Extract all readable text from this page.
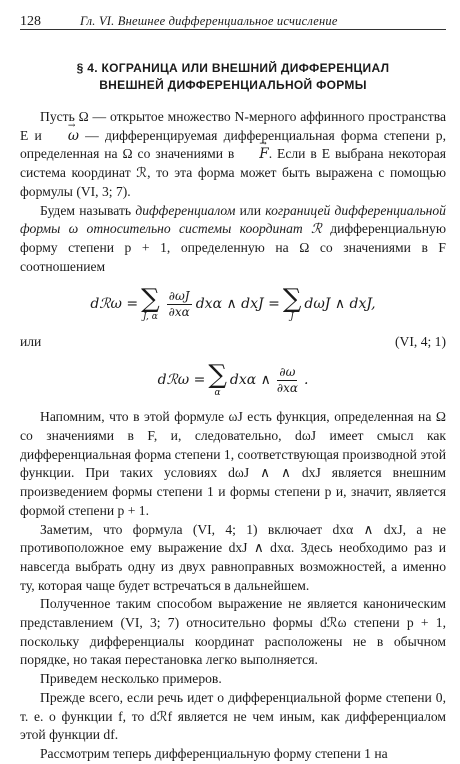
128	Гл. VI. Внешнее дифференциальное исчисление
§ 4. КОГРАНИЦА ИЛИ ВНЕШНИЙ ДИФФЕРЕНЦИАЛ
ВНЕШНЕЙ ДИФФЕРЕНЦИАЛЬНОЙ ФОРМЫ

Пусть Ω — открытое множество N-мерного аффинного пространства E и → ω — дифференцируемая дифференциальная форма степени p, определенная на Ω со значениями в → F. Если в E выбрана некоторая система координат ℛ, то эта форма может быть выражена с помощью формулы (VI, 3; 7).

Будем называть дифференциалом или кограницей дифференциальной формы ω относительно системы координат ℛ дифференциальную форму степени p + 1, определенную на Ω со значениями в F соотношением

dℛω = ∑
J, α $\frac{\partial\omega J}{\partial x\alpha}$ dxα ∧ dxJ = ∑
J
dωJ ∧ dxJ,
или	(VI, 4; 1)
dℛω = ∑
α
dxα ∧ $\frac{\partial\omega}{\partial x\alpha}$ .

Напомним, что в этой формуле ωJ есть функция, определенная на Ω со значениями в F, и, следовательно, dωJ имеет смысл как дифференциальная форма степени 1, соответствующая производной этой функции. При таких условиях dωJ ∧ ∧ dxJ является внешним произведением формы степени 1 и формы степени p и, значит, является формой степени p + 1.

Заметим, что формула (VI, 4; 1) включает dxα ∧ dxJ, а не противоположное ему выражение dxJ ∧ dxα. Здесь необходимо раз и навсегда выбрать одну из двух равноправных возможностей, а именно ту, которая чаще будет встречаться в дальнейшем.

Полученное таким способом выражение не является каноническим представлением (VI, 3; 7) относительно формы dℛω степени p + 1, поскольку дифференциалы координат расположены не в обычном порядке, но такая перестановка легко выполняется.

Приведем несколько примеров.

Прежде всего, если речь идет о дифференциальной форме степени 0, т. е. о функции f, то dℛf является не чем иным, как дифференциалом этой функции df.

Рассмотрим теперь дифференциальную форму степени 1 на
